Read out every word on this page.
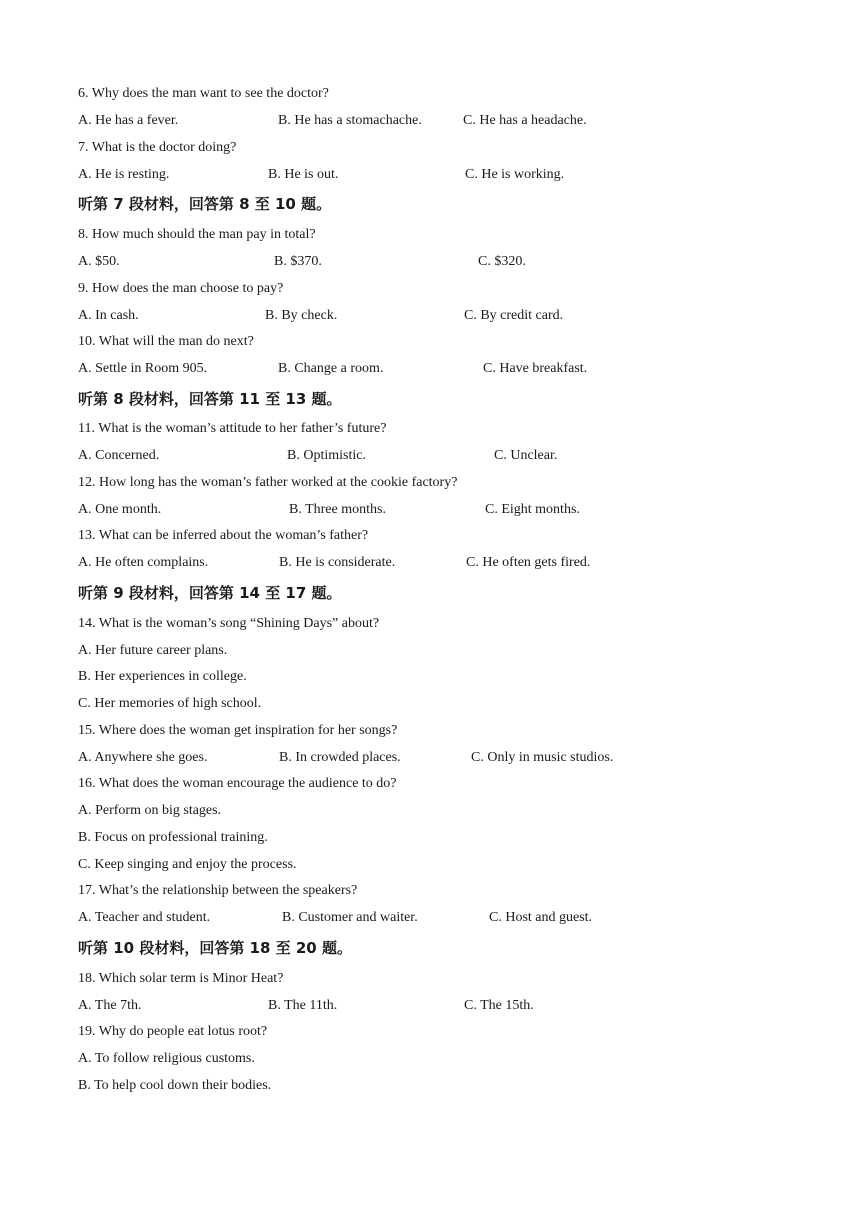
6. Why does the man want to see the doctor?
A. He has a fever.	B. He has a stomachache.	C. He has a headache.
7. What is the doctor doing?
A. He is resting.	B. He is out.	C. He is working.
听第 7 段材料，回答第 8 至 10 题。
8. How much should the man pay in total?
A. $50.	B. $370.	C. $320.
9. How does the man choose to pay?
A. In cash.	B. By check.	C. By credit card.
10. What will the man do next?
A. Settle in Room 905.	B. Change a room.	C. Have breakfast.
听第 8 段材料，回答第 11 至 13 题。
11. What is the woman’s attitude to her father’s future?
A. Concerned.	B. Optimistic.	C. Unclear.
12. How long has the woman’s father worked at the cookie factory?
A. One month.	B. Three months.	C. Eight months.
13. What can be inferred about the woman’s father?
A. He often complains.	B. He is considerate.	C. He often gets fired.
听第 9 段材料，回答第 14 至 17 题。
14. What is the woman’s song “Shining Days” about?
A. Her future career plans.
B. Her experiences in college.
C. Her memories of high school.
15. Where does the woman get inspiration for her songs?
A. Anywhere she goes.	B. In crowded places.	C. Only in music studios.
16. What does the woman encourage the audience to do?
A. Perform on big stages.
B. Focus on professional training.
C. Keep singing and enjoy the process.
17. What’s the relationship between the speakers?
A. Teacher and student.	B. Customer and waiter.	C. Host and guest.
听第 10 段材料，回答第 18 至 20 题。
18. Which solar term is Minor Heat?
A. The 7th.	B. The 11th.	C. The 15th.
19. Why do people eat lotus root?
A. To follow religious customs.
B. To help cool down their bodies.
